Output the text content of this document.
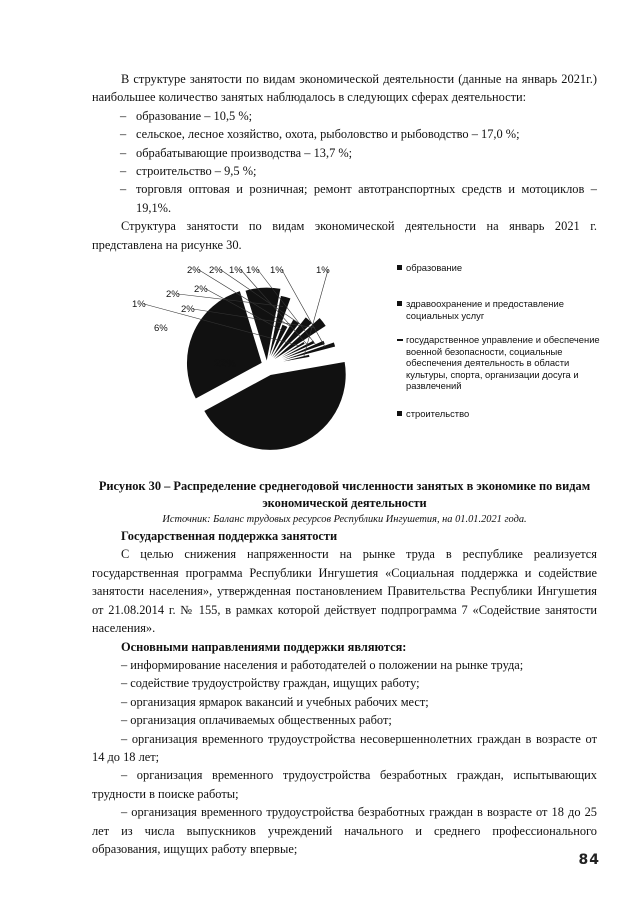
В структуре занятости по видам экономической деятельности (данные на январь 2021г.) наибольшее количество занятых наблюдалось в следующих сферах деятельности:

– образование – 10,5 %;
– сельское, лесное хозяйство, охота, рыболовство и рыбоводство – 17,0 %;
– обрабатывающие производства – 13,7 %;
– строительство – 9,5 %;
– торговля оптовая и розничная; ремонт автотранспортных средств и мотоциклов – 19,1%.

Структура занятости по видам экономической деятельности на январь 2021 г. представлена на рисунке 30.

22%
6%
2% 2%
2% 2%
2%
1%
1% 1% 1%	1%	образование
здравоохранение и предоставление социальных услуг
государственное управление и обеспечение военной безопасности, социальные обеспечения деятельность в области культуры, спорта, организации досуга и развлечений
строительство
Рисунок 30 – Распределение среднегодовой численности занятых в экономике по видам экономической деятельности
Источник: Баланс трудовых ресурсов Республики Ингушетия, на 01.01.2021 года.
Государственная поддержка занятости

С целью снижения напряженности на рынке труда в республике реализуется государственная программа Республики Ингушетия «Социальная поддержка и содействие занятости населения», утвержденная постановлением Правительства Республики Ингушетия от 21.08.2014 г. № 155, в рамках которой действует подпрограмма 7 «Содействие занятости населения».

Основными направлениями поддержки являются:
– информирование населения и работодателей о положении на рынке труда;
– содействие трудоустройству граждан, ищущих работу;
– организация ярмарок вакансий и учебных рабочих мест;
– организация оплачиваемых общественных работ;
– организация временного трудоустройства несовершеннолетних граждан в возрасте от 14 до 18 лет;
– организация временного трудоустройства безработных граждан, испытывающих трудности в поиске работы;
– организация временного трудоустройства безработных граждан в возрасте от 18 до 25 лет из числа выпускников учреждений начального и среднего профессионального образования, ищущих работу впервые;
84
